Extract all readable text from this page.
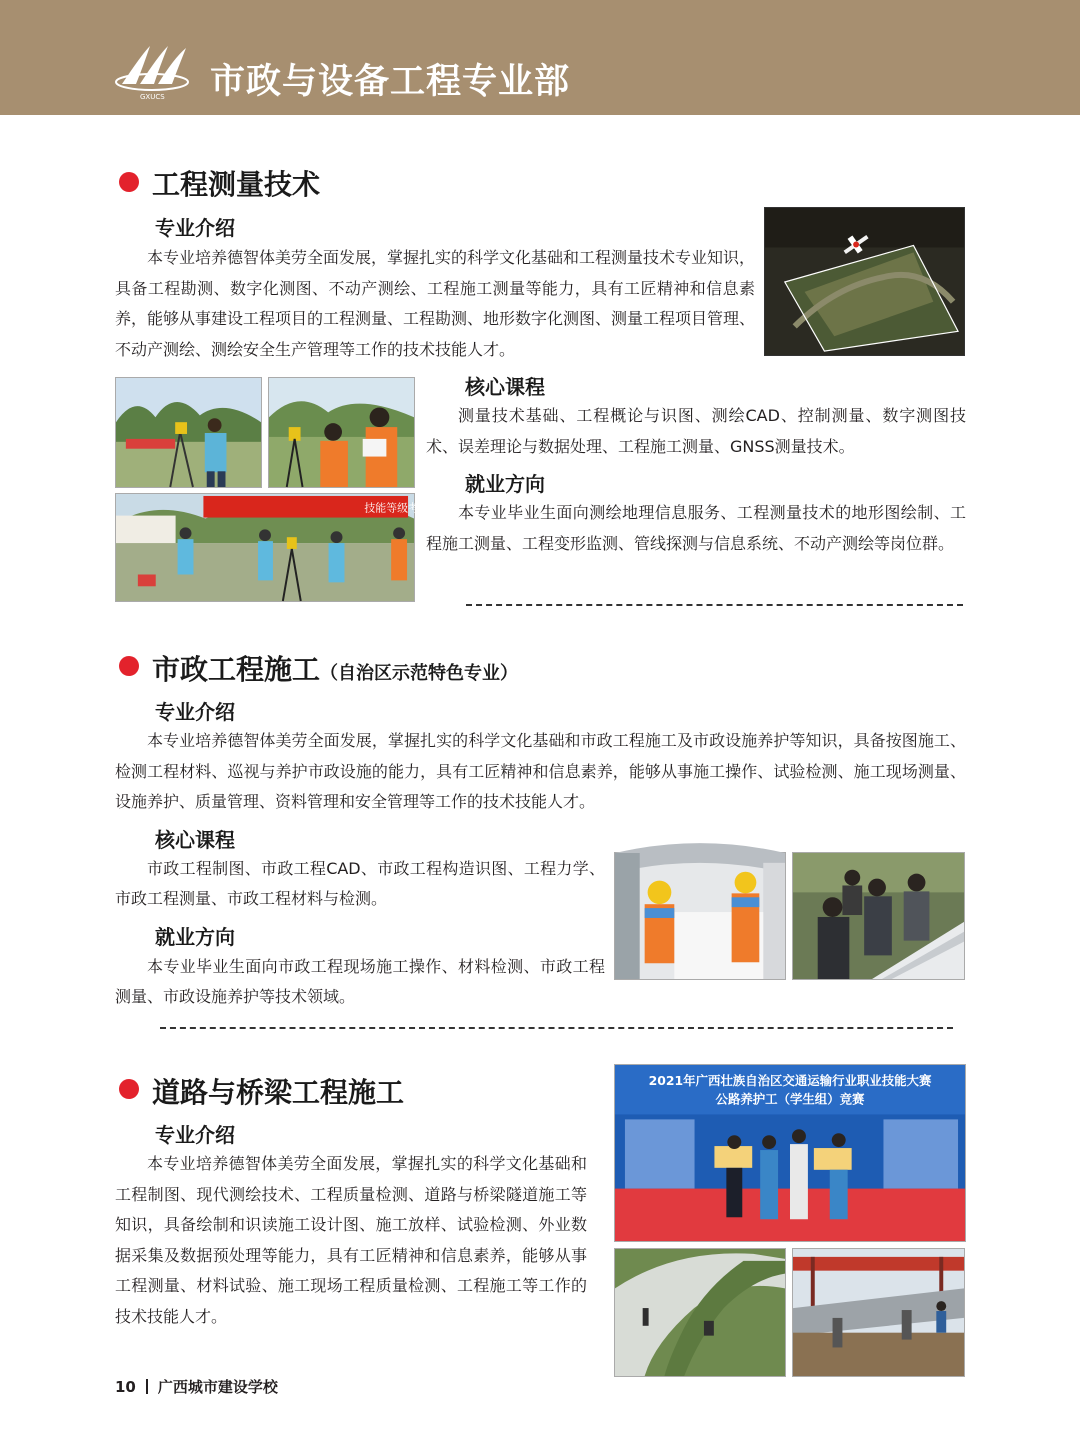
GXUCS 市政与设备工程专业部
工程测量技术
专业介绍
本专业培养德智体美劳全面发展，掌握扎实的科学文化基础和工程测量技术专业知识，具备工程勘测、数字化测图、不动产测绘、工程施工测量等能力，具有工匠精神和信息素养，能够从事建设工程项目的工程测量、工程勘测、地形数字化测图、测量工程项目管理、不动产测绘、测绘安全生产管理等工作的技术技能人才。
技能等级考试
核心课程
测量技术基础、工程概论与识图、测绘CAD、控制测量、数字测图技术、误差理论与数据处理、工程施工测量、GNSS测量技术。
就业方向
本专业毕业生面向测绘地理信息服务、工程测量技术的地形图绘制、工程施工测量、工程变形监测、管线探测与信息系统、不动产测绘等岗位群。
市政工程施工（自治区示范特色专业）
专业介绍
本专业培养德智体美劳全面发展，掌握扎实的科学文化基础和市政工程施工及市政设施养护等知识，具备按图施工、检测工程材料、巡视与养护市政设施的能力，具有工匠精神和信息素养，能够从事施工操作、试验检测、施工现场测量、设施养护、质量管理、资料管理和安全管理等工作的技术技能人才。
核心课程
市政工程制图、市政工程CAD、市政工程构造识图、工程力学、市政工程测量、市政工程材料与检测。
就业方向
本专业毕业生面向市政工程现场施工操作、材料检测、市政工程测量、市政设施养护等技术领域。
道路与桥梁工程施工
专业介绍
本专业培养德智体美劳全面发展，掌握扎实的科学文化基础和工程制图、现代测绘技术、工程质量检测、道路与桥梁隧道施工等知识，具备绘制和识读施工设计图、施工放样、试验检测、外业数据采集及数据预处理等能力，具有工匠精神和信息素养，能够从事工程测量、材料试验、施工现场工程质量检测、工程施工等工作的技术技能人才。
2021年广西壮族自治区交通运输行业职业技能大赛
公路养护工（学生组）竞赛
10 广西城市建设学校
